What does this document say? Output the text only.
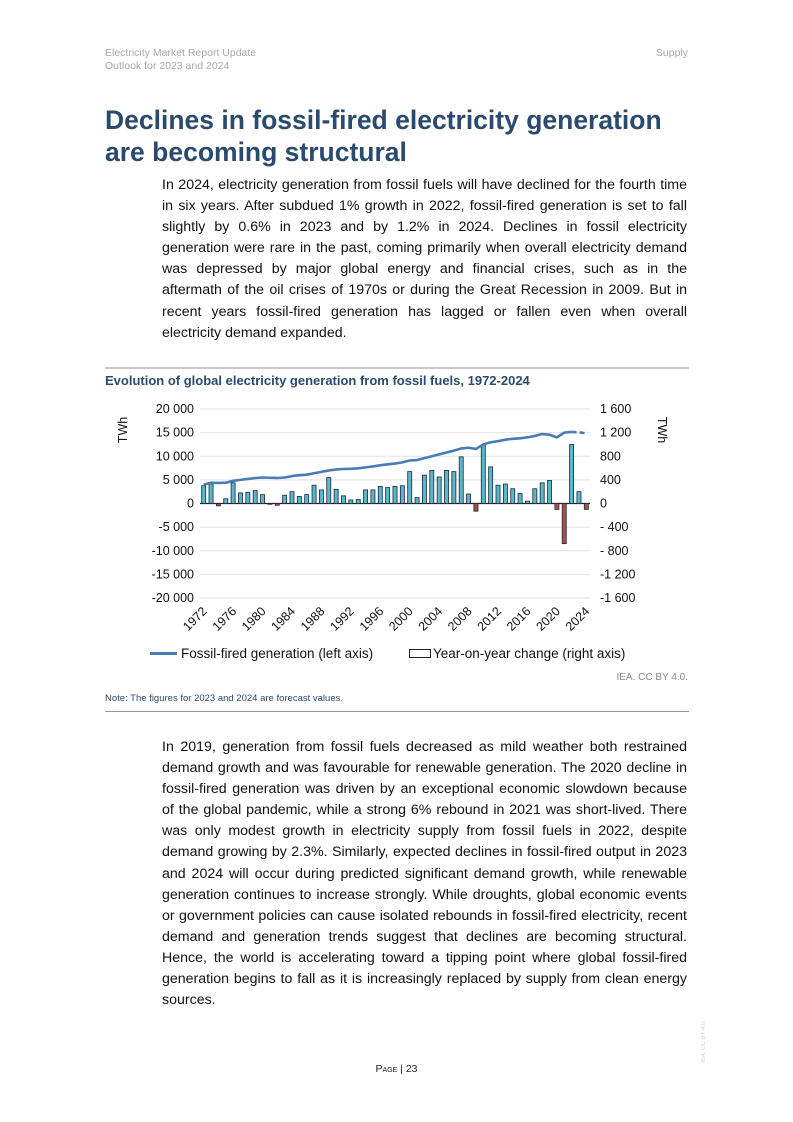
Electricity Market Report Update
Outlook for 2023 and 2024
Supply
Declines in fossil-fired electricity generation are becoming structural

In 2024, electricity generation from fossil fuels will have declined for the fourth time in six years. After subdued 1% growth in 2022, fossil-fired generation is set to fall slightly by 0.6% in 2023 and by 1.2% in 2024. Declines in fossil electricity generation were rare in the past, coming primarily when overall electricity demand was depressed by major global energy and financial crises, such as in the aftermath of the oil crises of 1970s or during the Great Recession in 2009. But in recent years fossil-fired generation has lagged or fallen even when overall electricity demand expanded.

Evolution of global electricity generation from fossil fuels, 1972-2024
20 000
15 000
10 000
5 000
0
-5 000
-10 000
-15 000
-20 000
1 600
1 200
800
400
0
- 400
- 800
-1 200
-1 600
1972 1976 1980 1984 1988 1992 1996 2000 2004 2008 2012 2016 2020 2024
TWh	TWh
Fossil-fired generation (left axis)	Year-on-year change (right axis)
IEA. CC BY 4.0.
Note: The figures for 2023 and 2024 are forecast values.

In 2019, generation from fossil fuels decreased as mild weather both restrained demand growth and was favourable for renewable generation. The 2020 decline in fossil-fired generation was driven by an exceptional economic slowdown because of the global pandemic, while a strong 6% rebound in 2021 was short-lived. There was only modest growth in electricity supply from fossil fuels in 2022, despite demand growing by 2.3%. Similarly, expected declines in fossil-fired output in 2023 and 2024 will occur during predicted significant demand growth, while renewable generation continues to increase strongly. While droughts, global economic events or government policies can cause isolated rebounds in fossil-fired electricity, recent demand and generation trends suggest that declines are becoming structural. Hence, the world is accelerating toward a tipping point where global fossil-fired generation begins to fall as it is increasingly replaced by supply from clean energy sources.

IEA. CC BY 4.0.
Page | 23
